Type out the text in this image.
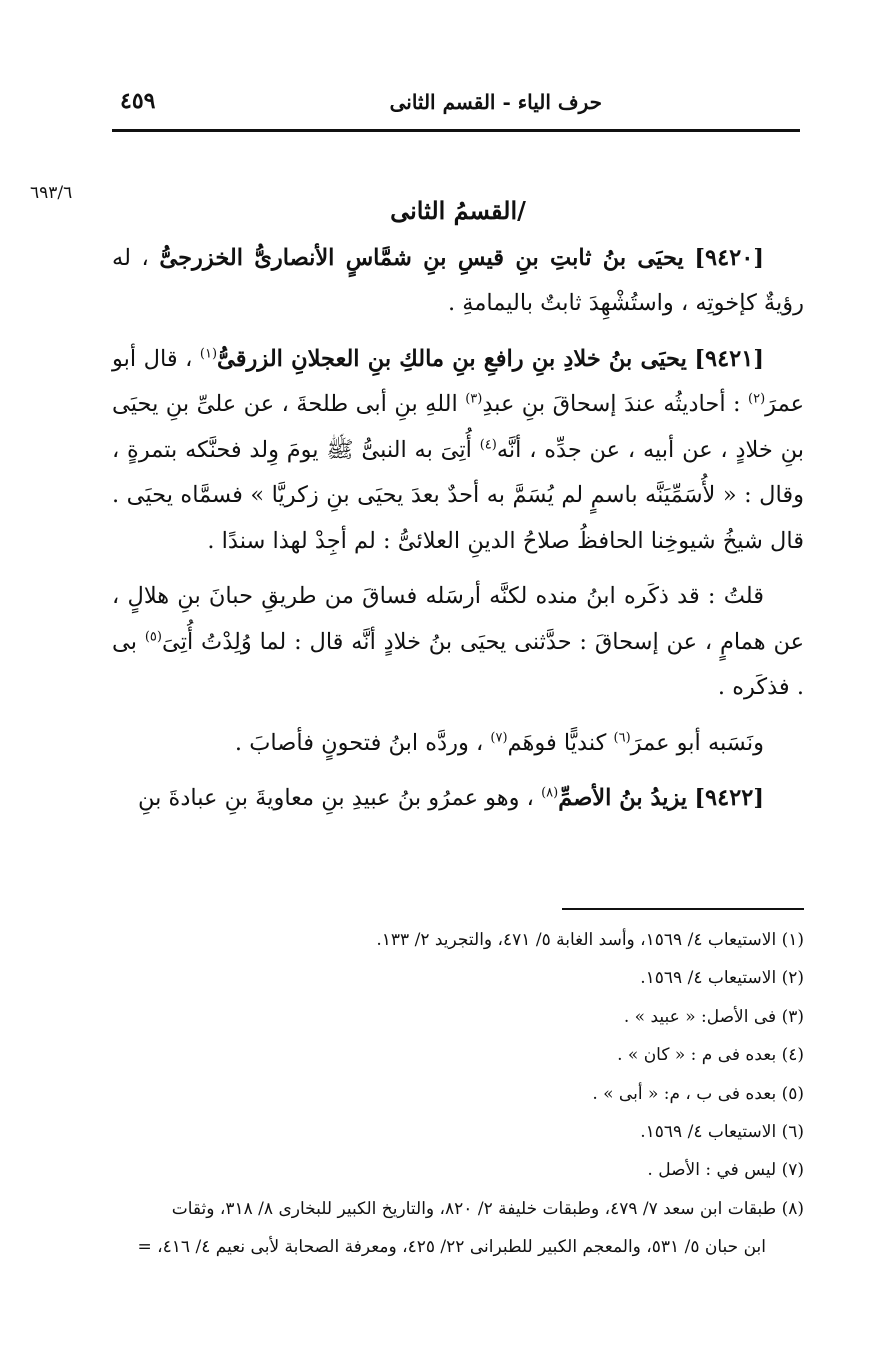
حرف الياء - القسم الثانى
٤٥٩
٦٩٣/٦
/القسمُ الثانى

[٩٤٢٠] يحيَى بنُ ثابتِ بنِ قيسِ بنِ شمَّاسٍ الأنصارىُّ الخزرجىُّ ، له رؤيةٌ كإخوتِه ، واستُشْهِدَ ثابتٌ باليمامةِ .

[٩٤٢١] يحيَى بنُ خلادِ بنِ رافعِ بنِ مالكِ بنِ العجلانِ الزرقىُّ$^{(١)}$ ، قال أبو عمرَ$^{(٢)}$ : أحاديثُه عندَ إسحاقَ بنِ عبدِ$^{(٣)}$ اللهِ بنِ أبى طلحةَ ، عن علىِّ بنِ يحيَى بنِ خلادٍ ، عن أبيه ، عن جدِّه ، أنَّه$^{(٤)}$ أُتِىَ به النبىُّ ﷺ يومَ وِلد فحنَّكه بتمرةٍ ، وقال : « لأُسَمِّيَنَّه باسمٍ لم يُسَمَّ به أحدٌ بعدَ يحيَى بنِ زكريَّا » فسمَّاه يحيَى . قال شيخُ شيوخِنا الحافظُ صلاحُ الدينِ العلائىُّ : لم أجِدْ لهذا سندًا .

قلتُ : قد ذكَره ابنُ منده لكنَّه أرسَله فساقَ من طريقِ حبانَ بنِ هلالٍ ، عن همامٍ ، عن إسحاقَ : حدَّثنى يحيَى بنُ خلادٍ أنَّه قال : لما وُلِدْتُ أُتِىَ$^{(٥)}$ بى . فذكَره .

ونَسَبه أبو عمرَ$^{(٦)}$ كنديًّا فوهَم$^{(٧)}$ ، وردَّه ابنُ فتحونٍ فأصابَ .

[٩٤٢٢] يزيدُ بنُ الأصمِّ$^{(٨)}$ ، وهو عمرُو بنُ عبيدِ بنِ معاويةَ بنِ عبادةَ بنِ

(١) الاستيعاب ٤/ ١٥٦٩، وأسد الغابة ٥/ ٤٧١، والتجريد ٢/ ١٣٣.

(٢) الاستيعاب ٤/ ١٥٦٩.

(٣) فى الأصل: « عبيد » .

(٤) بعده فى م : « كان » .

(٥) بعده فى ب ، م: « أبى » .

(٦) الاستيعاب ٤/ ١٥٦٩.

(٧) ليس في : الأصل .

(٨) طبقات ابن سعد ٧/ ٤٧٩، وطبقات خليفة ٢/ ٨٢٠، والتاريخ الكبير للبخارى ٨/ ٣١٨، وثقات

ابن حبان ٥/ ٥٣١، والمعجم الكبير للطبرانى ٢٢/ ٤٢٥، ومعرفة الصحابة لأبى نعيم ٤/ ٤١٦، =
